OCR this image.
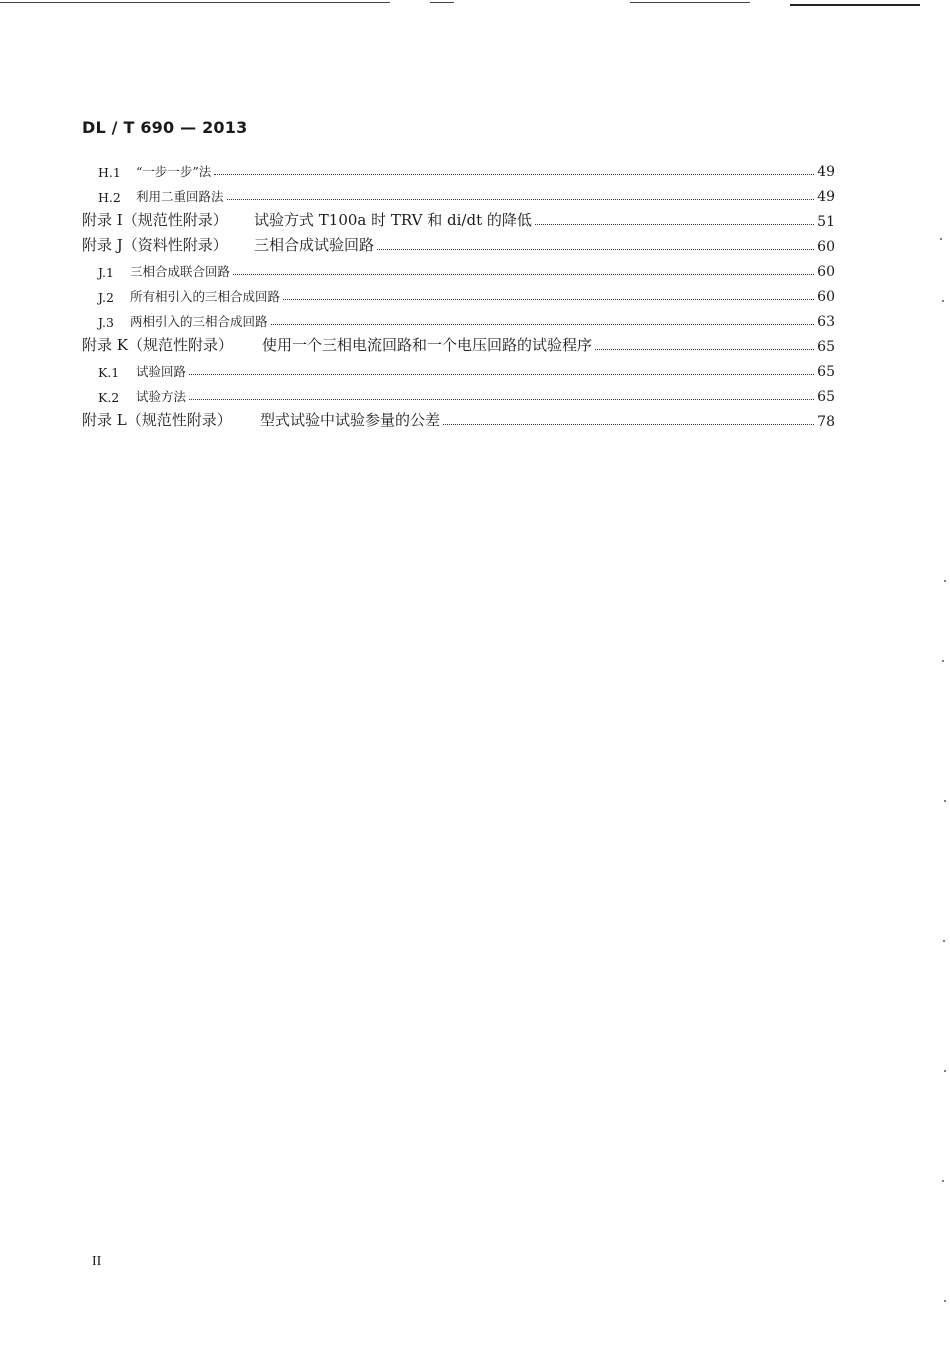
DL / T 690 — 2013
H.1	“一步一步”法	49
H.2	利用二重回路法	49
附录 I（规范性附录）	试验方式 T100a 时 TRV 和 di/dt 的降低	51
附录 J（资料性附录）	三相合成试验回路	60
J.1	三相合成联合回路	60
J.2	所有相引入的三相合成回路	60
J.3	两相引入的三相合成回路	63
附录 K（规范性附录）	使用一个三相电流回路和一个电压回路的试验程序	65
K.1	试验回路	65
K.2	试验方法	65
附录 L（规范性附录）	型式试验中试验参量的公差	78
II
